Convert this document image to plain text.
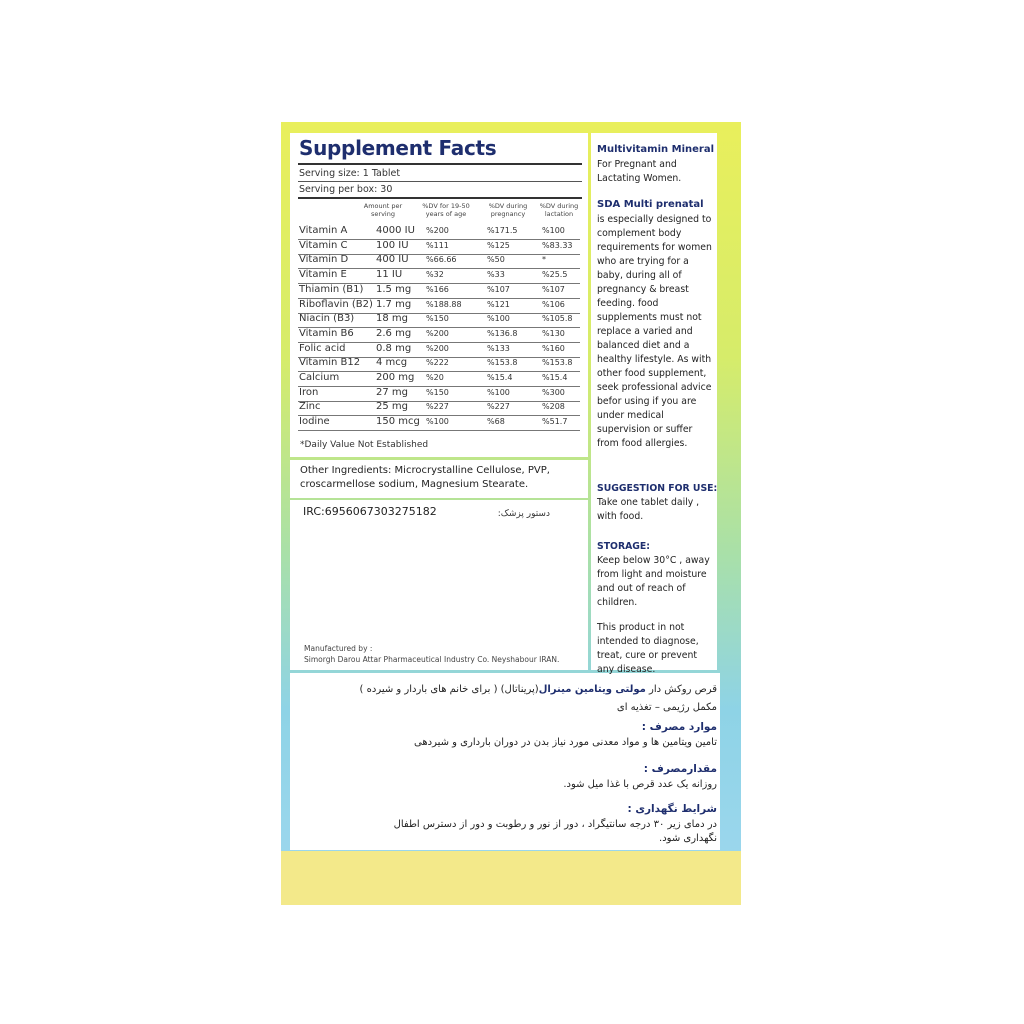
Supplement Facts
Serving size: 1 Tablet
Serving per box: 30
Amount per serving
%DV for 19-50 years of age
%DV during pregnancy
%DV during lactation
Vitamin A	4000 IU %200	%171.5	%100
Vitamin C	100 IU %111	%125	%83.33
Vitamin D	400 IU %66.66	%50	*
Vitamin E	11 IU	%32	%33	%25.5
Thiamin (B1) 1.5 mg %166	%107	%107
Riboflavin (B2) 1.7 mg %188.88	%121	%106
Niacin (B3) 18 mg %150	%100	%105.8
Vitamin B6 2.6 mg %200	%136.8	%130
Folic acid	0.8 mg %200	%133	%160
Vitamin B12 4 mcg %222	%153.8	%153.8
Calcium	200 mg %20	%15.4	%15.4
Iron	27 mg %150	%100	%300
Zinc	25 mg %227	%227	%208
Iodine	150 mcg %100	%68	%51.7
*Daily Value Not Established
Other Ingredients: Microcrystalline Cellulose, PVP, croscarmellose sodium, Magnesium Stearate.
IRC:6956067303275182	دستور پزشک:
Manufactured by :
Simorgh Darou Attar Pharmaceutical Industry Co. Neyshabour IRAN.
Multivitamin Mineral
For Pregnant and Lactating Women.
SDA Multi prenatal
is especially designed to complement body requirements for women who are trying for a baby, during all of pregnancy & breast feeding. food supplements must not replace a varied and balanced diet and a healthy lifestyle. As with other food supplement, seek professional advice befor using if you are under medical supervision or suffer from food allergies.
SUGGESTION FOR USE:
Take one tablet daily , with food.
STORAGE:
Keep below 30°C , away from light and moisture and out of reach of children.
This product in not intended to diagnose, treat, cure or prevent any disease.
قرص روکش دار مولتی ویتامین مینرال(پریناتال) ( برای خانم های باردار و شیرده )
مکمل رژیمی – تغذیه ای
موارد مصرف :
تامین ویتامین ها و مواد معدنی مورد نیاز بدن در دوران بارداری و شیردهی
مقدارمصرف :
روزانه یک عدد قرص با غذا میل شود.
شرایط نگهداری :
در دمای زیر ۳۰ درجه سانتیگراد ، دور از نور و رطوبت و دور از دسترس اطفال
نگهداری شود.
